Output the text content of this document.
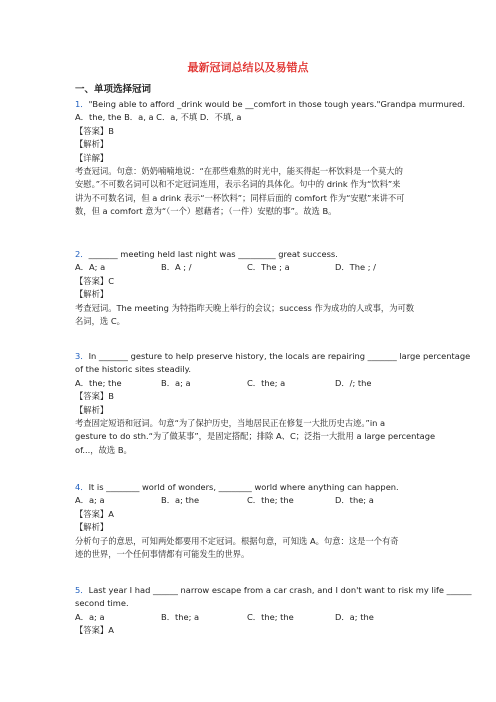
最新冠词总结以及易错点
一、单项选择冠词
1．"Being able to afford _drink would be __comfort in those tough years."Grandpa murmured.
A．the, the B．a, a C．a, 不填 D．不填, a
【答案】B
【解析】
【详解】
考查冠词。句意：奶奶喃喃地说：“在那些难熬的时光中，能买得起一杯饮料是一个莫大的
安慰。”不可数名词可以和不定冠词连用，表示名词的具体化。句中的 drink 作为“饮料”来
讲为不可数名词，但 a drink 表示“一杯饮料”；同样后面的 comfort 作为“安慰”来讲不可
数，但 a comfort 意为“（一个）慰藉者；（一件）安慰的事”。故选 B。
2．_______ meeting held last night was _________ great success.
A．A; a	B．A ; /	C．The ; a	D．The ; /
【答案】C
【解析】
考查冠词。The meeting 为特指昨天晚上举行的会议；success 作为成功的人或事，为可数
名词，选 C。
3．In _______ gesture to help preserve history, the locals are repairing _______ large percentage
of the historic sites steadily.
A．the; the	B．a; a	C．the; a	D．/; the
【答案】B
【解析】
考查固定短语和冠词。句意“为了保护历史，当地居民正在修复一大批历史古迹。”in a
gesture to do sth.“为了做某事”，是固定搭配；排除 A、C；泛指一大批用 a large percentage
of...，故选 B。
4．It is ________ world of wonders, ________ world where anything can happen.
A．a; a	B．a; the	C．the; the	D．the; a
【答案】A
【解析】
分析句子的意思，可知两处都要用不定冠词。根据句意，可知选 A。句意：这是一个有奇
迹的世界，一个任何事情都有可能发生的世界。
5．Last year I had ______ narrow escape from a car crash, and I don't want to risk my life ______
second time.
A．a; a	B．the; a	C．the; the	D．a; the
【答案】A
